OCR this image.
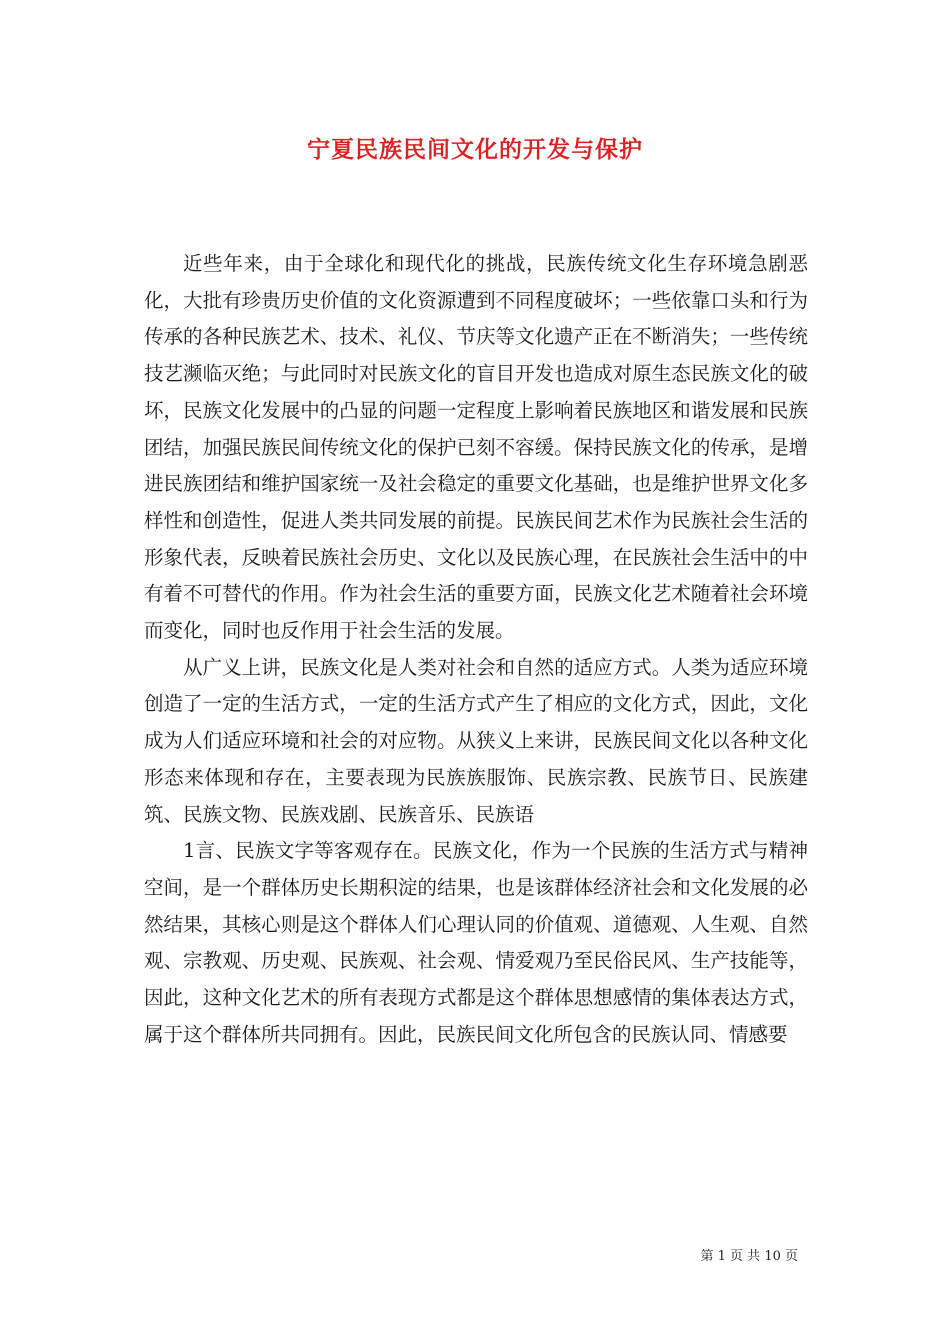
宁夏民族民间文化的开发与保护

近些年来，由于全球化和现代化的挑战，民族传统文化生存环境急剧恶化，大批有珍贵历史价值的文化资源遭到不同程度破坏；一些依靠口头和行为传承的各种民族艺术、技术、礼仪、节庆等文化遗产正在不断消失；一些传统技艺濒临灭绝；与此同时对民族文化的盲目开发也造成对原生态民族文化的破坏，民族文化发展中的凸显的问题一定程度上影响着民族地区和谐发展和民族团结，加强民族民间传统文化的保护已刻不容缓。保持民族文化的传承，是增进民族团结和维护国家统一及社会稳定的重要文化基础，也是维护世界文化多样性和创造性，促进人类共同发展的前提。民族民间艺术作为民族社会生活的形象代表，反映着民族社会历史、文化以及民族心理，在民族社会生活中的中有着不可替代的作用。作为社会生活的重要方面，民族文化艺术随着社会环境而变化，同时也反作用于社会生活的发展。

从广义上讲，民族文化是人类对社会和自然的适应方式。人类为适应环境创造了一定的生活方式，一定的生活方式产生了相应的文化方式，因此，文化成为人们适应环境和社会的对应物。从狭义上来讲，民族民间文化以各种文化形态来体现和存在，主要表现为民族族服饰、民族宗教、民族节日、民族建筑、民族文物、民族戏剧、民族音乐、民族语

1言、民族文字等客观存在。民族文化，作为一个民族的生活方式与精神空间，是一个群体历史长期积淀的结果，也是该群体经济社会和文化发展的必然结果，其核心则是这个群体人们心理认同的价值观、道德观、人生观、自然观、宗教观、历史观、民族观、社会观、情爱观乃至民俗民风、生产技能等，因此，这种文化艺术的所有表现方式都是这个群体思想感情的集体表达方式，属于这个群体所共同拥有。因此，民族民间文化所包含的民族认同、情感要

第 1 页 共 10 页
